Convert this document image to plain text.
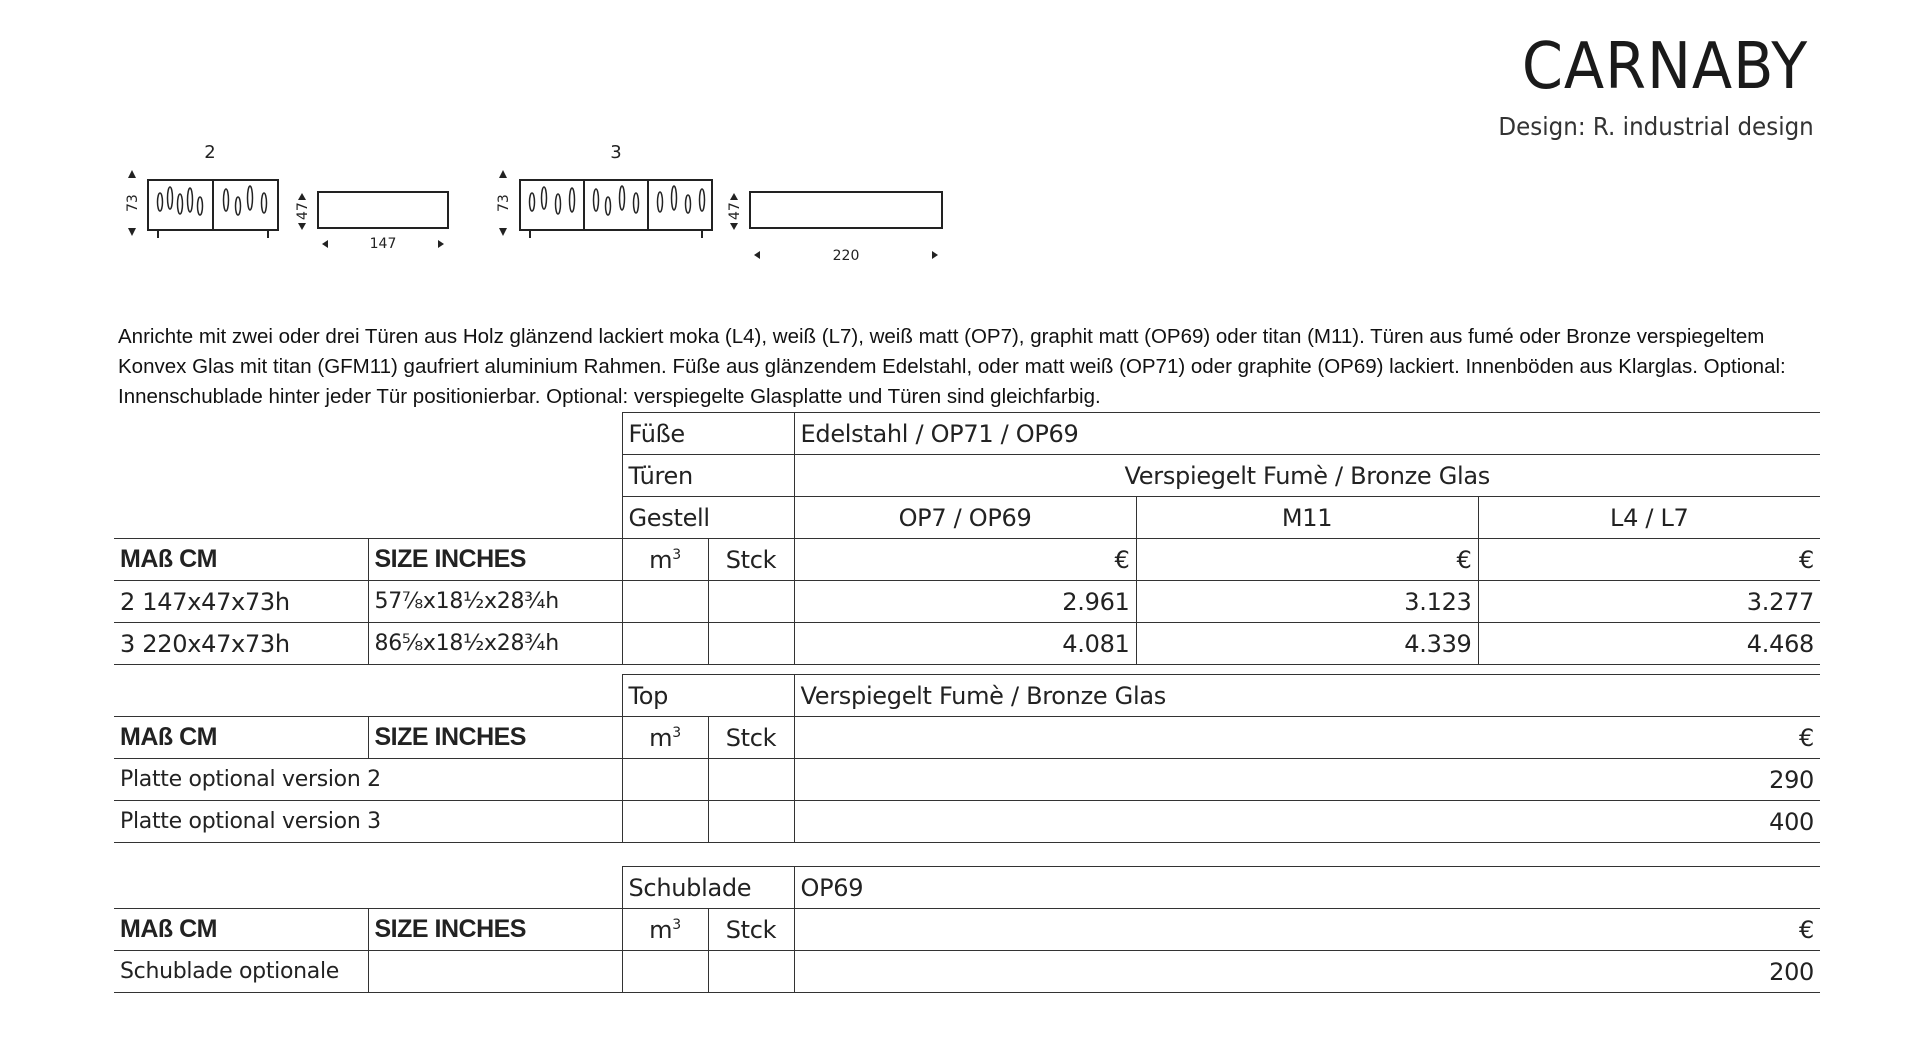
CARNABY
Design: R. industrial design
2
73	47
147
3
73	47
220
Anrichte mit zwei oder drei Türen aus Holz glänzend lackiert moka (L4), weiß (L7), weiß matt (OP7), graphit matt (OP69) oder titan (M11). Türen aus fumé oder Bronze verspiegeltem Konvex Glas mit titan (GFM11) gaufriert aluminium Rahmen. Füße aus glänzendem Edelstahl, oder matt weiß (OP71) oder graphite (OP69) lackiert. Innenböden aus Klarglas. Optional: Innenschublade hinter jeder Tür positionierbar. Optional: verspiegelte Glasplatte und Türen sind gleichfarbig.
		Füße		Edelstahl / OP71 / OP69		
		Türen		Verspiegelt Fumè / Bronze Glas		
		Gestell		OP7 / OP69	M11	L4 / L7
MAß CM	SIZE INCHES	$m^3$	Stck	€	€	€
2 147x47x73h	57⅞x18½x28¾h			2.961	3.123	3.277
3 220x47x73h	86⅝x18½x28¾h			4.081	4.339	4.468
		Top		Verspiegelt Fumè / Bronze Glas
MAß CM	SIZE INCHES	$m^3$	Stck	€
Platte optional version 2				290
Platte optional version 3				400
		Schublade		OP69
MAß CM	SIZE INCHES	$m^3$	Stck	€
Schublade optionale				200
